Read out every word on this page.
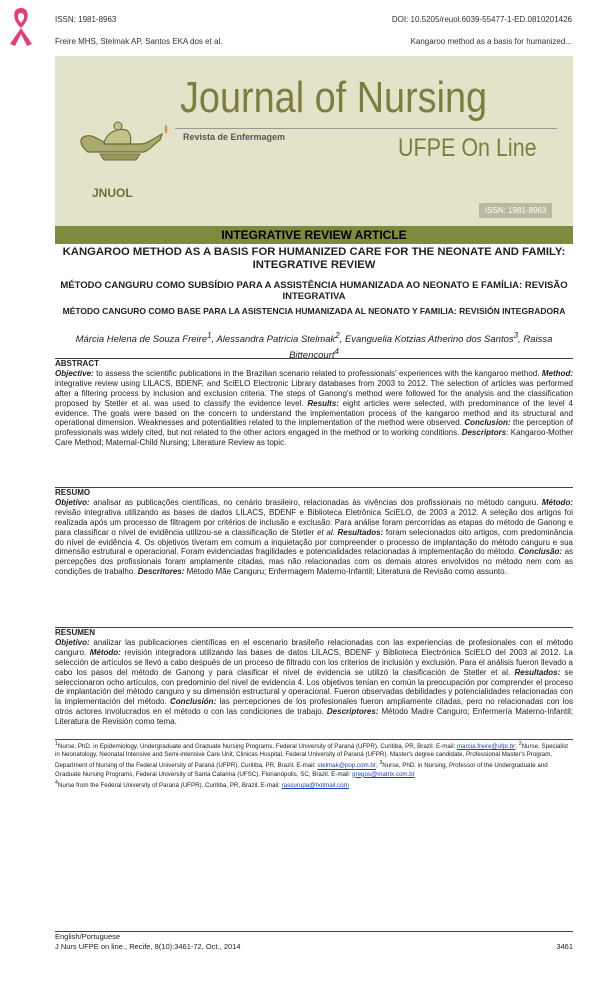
ISSN: 1981-8963	DOI: 10.5205/reuol.6039-55477-1-ED.0810201426
Freire MHS, Stelmak AP, Santos EKA dos et al.	Kangaroo method as a basis for humanized...
JNUOL
Journal of Nursing
Revista de Enfermagem	UFPE On Line
ISSN: 1981-8963
INTEGRATIVE REVIEW ARTICLE
KANGAROO METHOD AS A BASIS FOR HUMANIZED CARE FOR THE NEONATE AND FAMILY: INTEGRATIVE REVIEW
MÉTODO CANGURU COMO SUBSÍDIO PARA A ASSISTÊNCIA HUMANIZADA AO NEONATO E FAMÍLIA: REVISÃO INTEGRATIVA
MÉTODO CANGURO COMO BASE PARA LA ASISTENCIA HUMANIZADA AL NEONATO Y FAMILIA: REVISIÓN INTEGRADORA
Márcia Helena de Souza Freire$^1$, Alessandra Patricia Stelmak$^2$, Evanguelia Kotzias Atherino dos Santos$^3$, Raissa Bittencourt$^4$
ABSTRACT
Objective: to assess the scientific publications in the Brazilian scenario related to professionals' experiences with the kangaroo method. Method: integrative review using LILACS, BDENF, and SciELO Electronic Library databases from 2003 to 2012. The selection of articles was performed after a filtering process by inclusion and exclusion criteria. The steps of Ganong's method were followed for the analysis and the classification proposed by Stetler et al. was used to classify the evidence level. Results: eight articles were selected, with predominance of the level 4 evidence. The goals were based on the concern to understand the implementation process of the kangaroo method and its structural and operational dimension. Weaknesses and potentialities related to the implementation of the method were observed. Conclusion: the perception of professionals was widely cited, but not related to the other actors engaged in the method or to working conditions. Descriptors: Kangaroo-Mother Care Method; Maternal-Child Nursing; Literature Review as topic.
RESUMO
Objetivo: analisar as publicações científicas, no cenário brasileiro, relacionadas às vivências dos profissionais no método canguru. Método: revisão integrativa utilizando as bases de dados LILACS, BDENF e Biblioteca Eletrônica SciELO, de 2003 a 2012. A seleção dos artigos foi realizada após um processo de filtragem por critérios de inclusão e exclusão. Para análise foram percorridas as etapas do método de Ganong e para classificar o nível de evidência utilizou-se a classificação de Stetler et al. Resultados: foram selecionados oito artigos, com predominância do nível de evidência 4. Os objetivos tiveram em comum a inquietação por compreender o processo de implantação do método canguru e sua dimensão estrutural e operacional. Foram evidenciadas fragilidades e potencialidades relacionadas à implementação do método. Conclusão: as percepções dos profissionais foram amplamente citadas, mas não relacionadas com os demais atores envolvidos no método nem com as condições de trabalho. Descritores: Método Mãe Canguru; Enfermagem Materno-Infantil; Literatura de Revisão como assunto.
RESUMEN
Objetivo: analizar las publicaciones científicas en el escenario brasileño relacionadas con las experiencias de profesionales con el método canguro. Método: revisión integradora utilizando las bases de datos LILACS, BDENF y Biblioteca Electrónica SciELO del 2003 al 2012. La selección de artículos se llevó a cabo después de un proceso de filtrado con los criterios de inclusión y exclusión. Para el análisis fueron llevado a cabo los pasos del método de Ganong y para clasificar el nivel de evidencia se utilizó la clasificación de Stetler et al. Resultados: se seleccionaron ocho artículos, con predominio del nivel de evidencia 4. Los objetivos tenían en común la preocupación por comprender el proceso de implantación del método canguro y su dimensión estructural y operacional. Fueron observadas debilidades y potencialidades relacionadas con la implementación del método. Conclusión: las percepciones de los profesionales fueron ampliamente citadas, pero no relacionadas con los otros actores involucrados en el método o con las condiciones de trabajo. Descriptores: Método Madre Canguro; Enfermería Materno-Infantil; Literatura de Revisión como tema.
$^1$Nurse, PhD. in Epidemiology, Undergraduate and Graduate Nursing Programs, Federal University of Paraná (UFPR). Curitiba, PR, Brazil. E-mail: marcia.freire@ufpr.br; $^2$Nurse, Specialist in Neonatology, Neonatal Intensive and Semi-intensive Care Unit, Clinicas Hospital, Federal University of Paraná (UFPR). Master's degree candidate, Professional Master's Program, Department of Nursing of the Federal University of Paraná (UFPR). Curitiba, PR, Brazil. E-mail: stelmak@pop.com.br; $^3$Nurse, PhD. in Nursing, Professor of the Undergraduate and Graduate Nursing Programs, Federal University of Santa Catarina (UFSC). Florianópolis, SC, Brazil. E-mail: gregos@matrix.com.br
$^4$Nurse from the Federal University of Paraná (UFPR). Curitiba, PR, Brazil. E-mail: rascurupa@hotmail.com
English/Portuguese
J Nurs UFPE on line., Recife, 8(10):3461-72, Oct., 2014	3461
